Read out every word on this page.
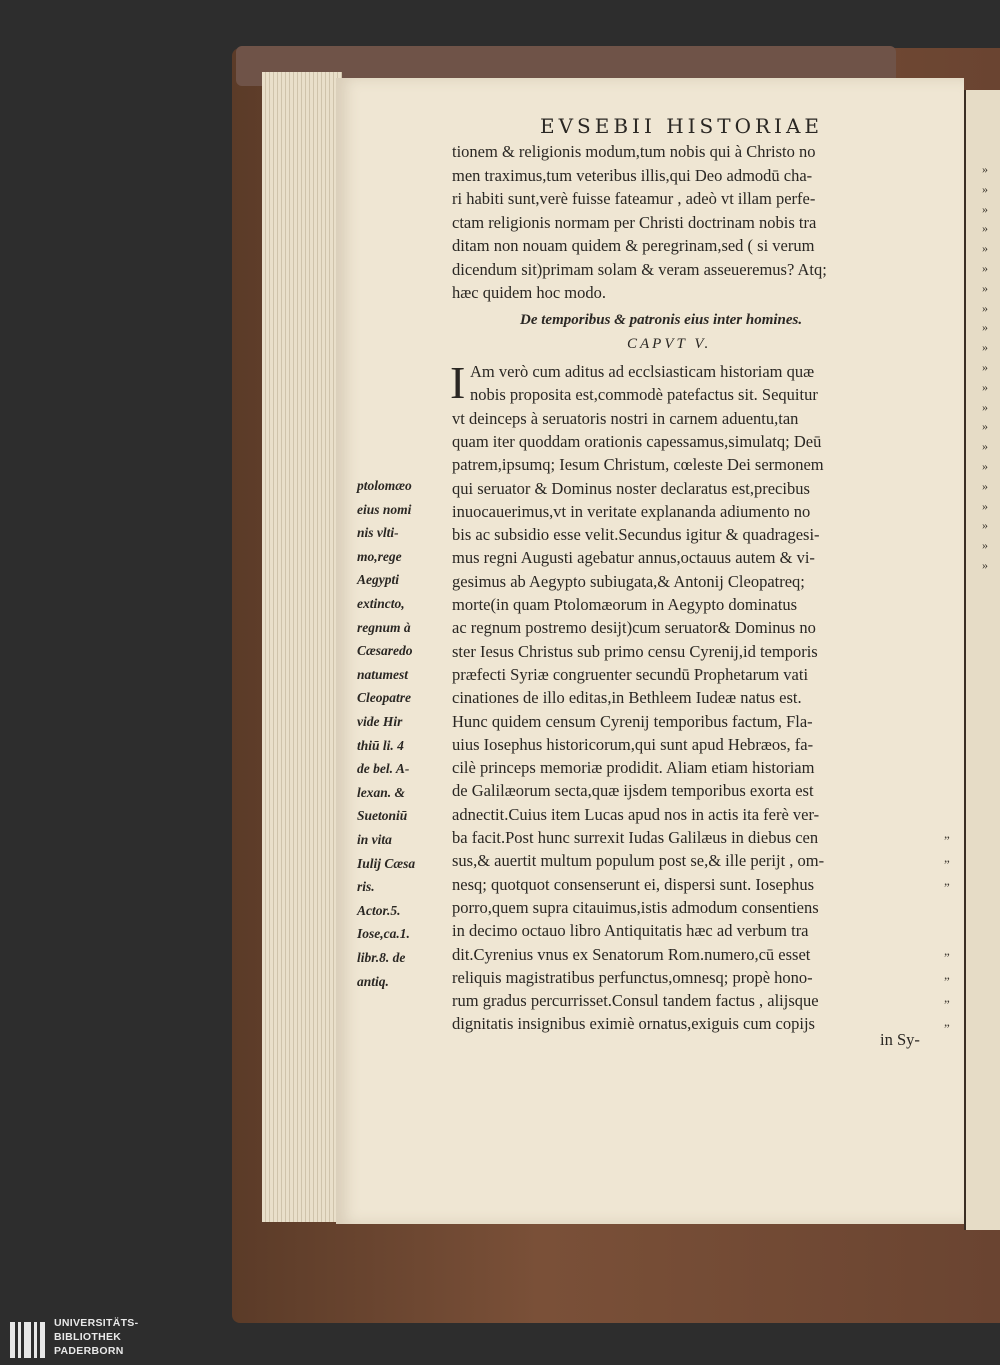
EVSEBII HISTORIAE
tionem & religionis modum,tum nobis qui à Christo no
men traximus,tum veteribus illis,qui Deo admodū cha-
ri habiti sunt,verè fuisse fateamur , adeò vt illam perfe-
ctam religionis normam per Christi doctrinam nobis tra
ditam non nouam quidem & peregrinam,sed ( si verum
dicendum sit)primam solam & veram asseueremus? Atq;
hæc quidem hoc modo.
De temporibus & patronis eius inter homines.
CAPVT V.
I Am verò cum aditus ad ecclsiasticam historiam quæ
nobis proposita est,commodè patefactus sit. Sequitur
vt deinceps à seruatoris nostri in carnem aduentu,tan
quam iter quoddam orationis capessamus,simulatq; Deū
patrem,ipsumq; Iesum Christum, cœleste Dei sermonem
qui seruator & Dominus noster declaratus est,precibus
inuocauerimus,vt in veritate explananda adiumento no
bis ac subsidio esse velit.Secundus igitur & quadragesi-
mus regni Augusti agebatur annus,octauus autem & vi-
gesimus ab Aegypto subiugata,& Antonij Cleopatreq;
morte(in quam Ptolomæorum in Aegypto dominatus
ac regnum postremo desijt)cum seruator& Dominus no
ster Iesus Christus sub primo censu Cyrenij,id temporis
præfecti Syriæ congruenter secundū Prophetarum vati
cinationes de illo editas,in Bethleem Iudeæ natus est.
Hunc quidem censum Cyrenij temporibus factum, Fla-
uius Iosephus historicorum,qui sunt apud Hebræos, fa-
cilè princeps memoriæ prodidit. Aliam etiam historiam
de Galilæorum secta,quæ ijsdem temporibus exorta est
adnectit.Cuius item Lucas apud nos in actis ita ferè ver-
ba facit.Post hunc surrexit Iudas Galilæus in diebus cen
sus,& auertit multum populum post se,& ille perijt , om-
nesq; quotquot consenserunt ei, dispersi sunt. Iosephus
porro,quem supra citauimus,istis admodum consentiens
in decimo octauo libro Antiquitatis hæc ad verbum tra
dit.Cyrenius vnus ex Senatorum Rom.numero,cū esset
reliquis magistratibus perfunctus,omnesq; propè hono-
rum gradus percurrisset.Consul tandem factus , alijsque
dignitatis insignibus eximiè ornatus,exiguis cum copijs
in Sy-
ptolomæo
eius nomi
nis vlti-
mo,rege
Aegypti
extincto,
regnum à
Cæsaredo
natumest
Cleopatre
vide Hir
thiū li. 4
de bel. A-
lexan. &
Suetoniū
in vita
Iulij Cæsa
ris.
Actor.5.
Iose,ca.1.
libr.8. de
antiq.
„
„
„
„
„
„
„
»
»
»
»
»
»
»
»
»
»
»
»
»
»
»
»
»
»
»
»
»
UNIVERSITÄTS-
BIBLIOTHEK
PADERBORN
